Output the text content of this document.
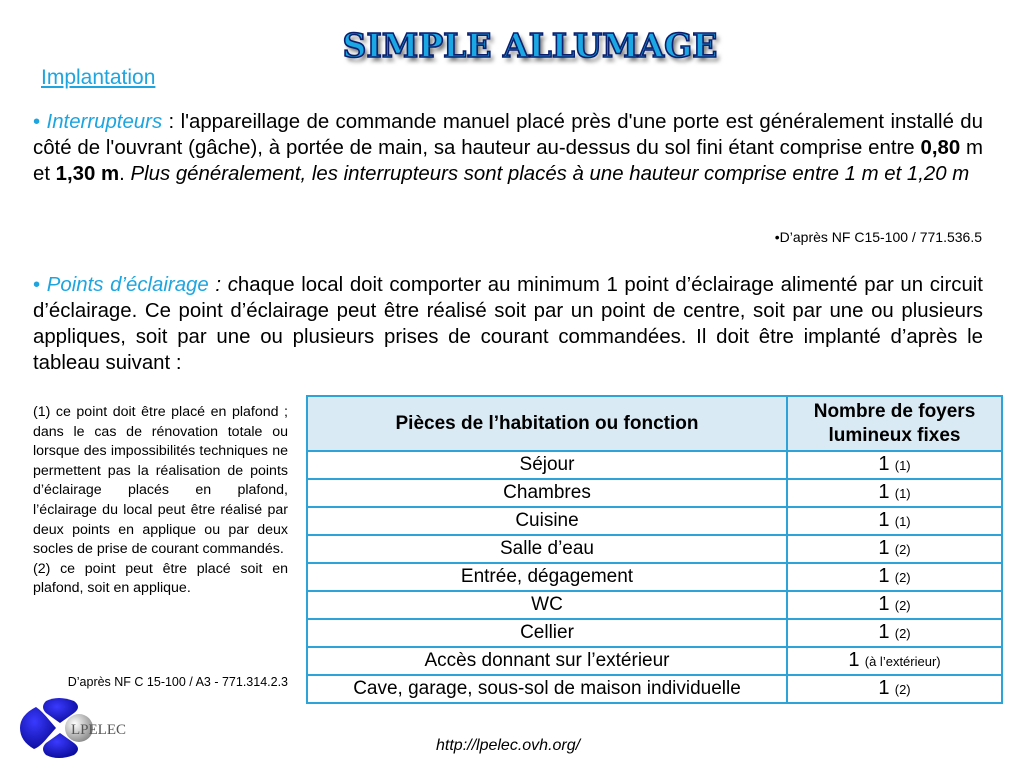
SIMPLE ALLUMAGE
Implantation
• Interrupteurs : l'appareillage de commande manuel placé près d'une porte est généralement installé du côté de l'ouvrant (gâche), à portée de main, sa hauteur au-dessus du sol fini étant comprise entre 0,80 m et 1,30 m. Plus généralement, les interrupteurs sont placés à une hauteur comprise entre 1 m et 1,20 m
•D’après NF C15-100 / 771.536.5
• Points d’éclairage : chaque local doit comporter au minimum 1 point d’éclairage alimenté par un circuit d’éclairage. Ce point d’éclairage peut être réalisé soit par un point de centre, soit par une ou plusieurs appliques, soit par une ou plusieurs prises de courant commandées. Il doit être implanté d’après le tableau suivant :

(1) ce point doit être placé en plafond ; dans le cas de rénovation totale ou lorsque des impossibilités techniques ne permettent pas la réalisation de points d’éclairage placés en plafond, l’éclairage du local peut être réalisé par deux points en applique ou par deux socles de prise de courant commandés.

(2) ce point peut être placé soit en plafond, soit en applique.

D’après NF C 15-100 / A3 - 771.314.2.3
Pièces de l’habitation ou fonction	Nombre de foyers lumineux fixes
Séjour	1 (1)
Chambres	1 (1)
Cuisine	1 (1)
Salle d’eau	1 (2)
Entrée, dégagement	1 (2)
WC	1 (2)
Cellier	1 (2)
Accès donnant sur l’extérieur	1 (à l’extérieur)
Cave, garage, sous-sol de maison individuelle	1 (2)
LPELEC
http://lpelec.ovh.org/
